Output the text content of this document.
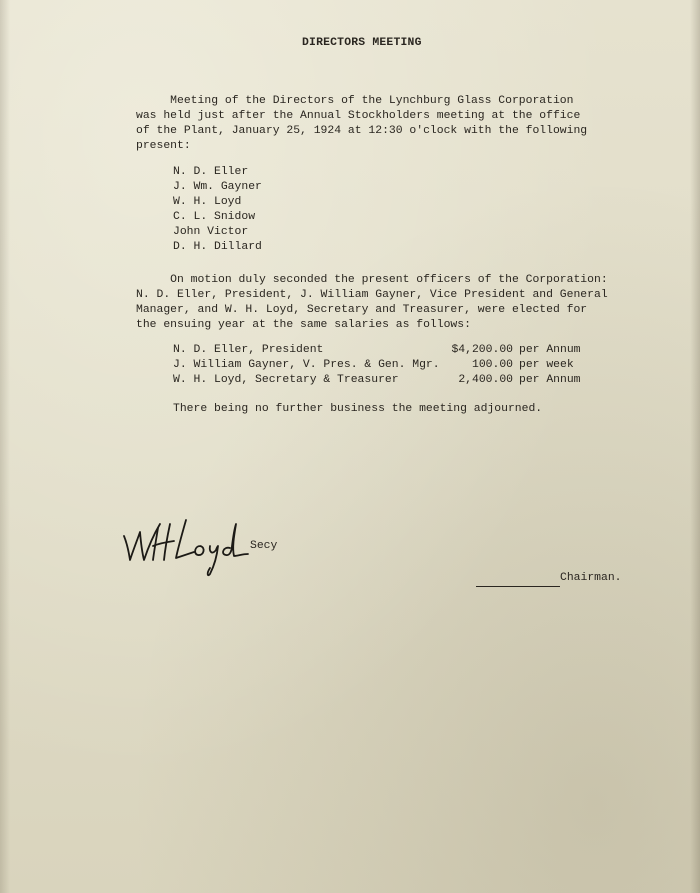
DIRECTORS MEETING
Meeting of the Directors of the Lynchburg Glass Corporation
was held just after the Annual Stockholders meeting at the office
of the Plant, January 25, 1924 at 12:30 o'clock with the following
present:
N. D. Eller
J. Wm. Gayner
W. H. Loyd
C. L. Snidow
John Victor
D. H. Dillard
On motion duly seconded the present officers of the Corporation:
N. D. Eller, President, J. William Gayner, Vice President and General
Manager, and W. H. Loyd, Secretary and Treasurer, were elected for
the ensuing year at the same salaries as follows:
N. D. Eller, President	$4,200.00	per Annum
J. William Gayner, V. Pres. & Gen. Mgr.	100.00	per week
W. H. Loyd, Secretary & Treasurer	2,400.00	per Annum
There being no further business the meeting adjourned.
Secy
Chairman.
